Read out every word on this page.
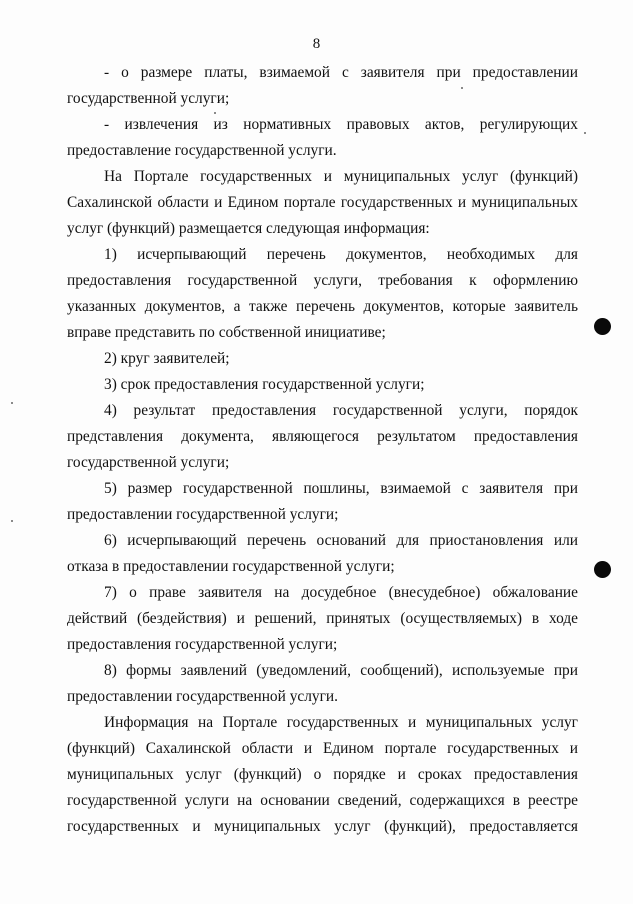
8

- о размере платы, взимаемой с заявителя при предоставлении государственной услуги;

- извлечения из нормативных правовых актов, регулирующих предоставление государственной услуги.

На Портале государственных и муниципальных услуг (функций) Сахалинской области и Едином портале государственных и муниципальных услуг (функций) размещается следующая информация:

1) исчерпывающий перечень документов, необходимых для предоставления государственной услуги, требования к оформлению указанных документов, а также перечень документов, которые заявитель вправе представить по собственной инициативе;

2) круг заявителей;

3) срок предоставления государственной услуги;

4) результат предоставления государственной услуги, порядок представления документа, являющегося результатом предоставления государственной услуги;

5) размер государственной пошлины, взимаемой с заявителя при предоставлении государственной услуги;

6) исчерпывающий перечень оснований для приостановления или отказа в предоставлении государственной услуги;

7) о праве заявителя на досудебное (внесудебное) обжалование действий (бездействия) и решений, принятых (осуществляемых) в ходе предоставления государственной услуги;

8) формы заявлений (уведомлений, сообщений), используемые при предоставлении государственной услуги.

Информация на Портале государственных и муниципальных услуг (функций) Сахалинской области и Едином портале государственных и муниципальных услуг (функций) о порядке и сроках предоставления государственной услуги на основании сведений, содержащихся в реестре государственных и муниципальных услуг (функций), предоставляется
